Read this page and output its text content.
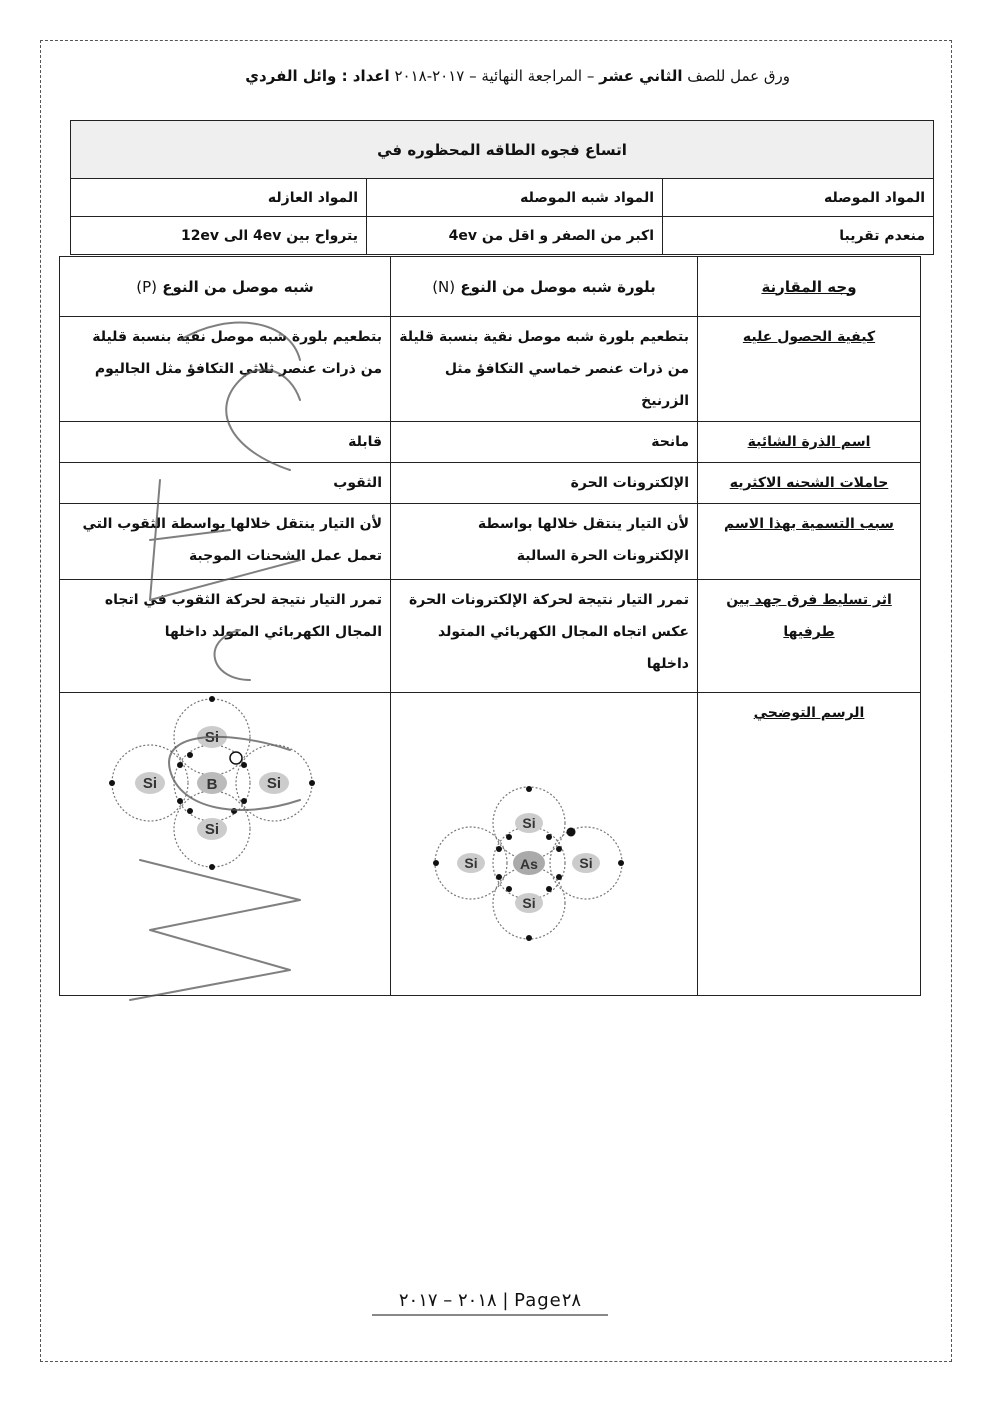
ورق عمل للصف الثاني عشر – المراجعة النهائية – ٢٠١٧-٢٠١٨ اعداد : وائل الفردي
اتساع فجوه الطاقه المحظوره في		
المواد الموصله	المواد شبه الموصله	المواد العازله
منعدم تقريبا	اكبر من الصفر و اقل من 4ev	يترواح بين 4ev الى 12ev
وجه المقارنة	بلورة شبه موصل من النوع (N)	شبه موصل من النوع (P)
كيفية الحصول عليه	بتطعيم بلورة شبه موصل نقية بنسبة قليلة من ذرات عنصر خماسي التكافؤ مثل الزرنيخ	بتطعيم بلورة شبه موصل نقية بنسبة قليلة من ذرات عنصر ثلاثي التكافؤ مثل الجاليوم
اسم الذرة الشائبة	مانحة	قابلة
حاملات الشحنه الاكثريه	الإلكترونات الحرة	الثقوب
سبب التسمية بهذا الاسم	لأن التيار ينتقل خلالها بواسطة الإلكترونات الحرة السالبة	لأن التيار ينتقل خلالها بواسطة الثقوب التي تعمل عمل الشحنات الموجبة
اثر تسليط فرق جهد بين طرفيها	تمرر التيار نتيجة لحركة الإلكترونات الحرة عكس اتجاه المجال الكهربائي المتولد داخلها	تمرر التيار نتيجة لحركة الثقوب في اتجاه المجال الكهربائي المتولد داخلها
الرسم التوضحي	Si
Si
Si Si
As	Si
Si
Si Si
B
Wa'el
٢٠١٨ – ٢٠١٧ | Page٢٨
